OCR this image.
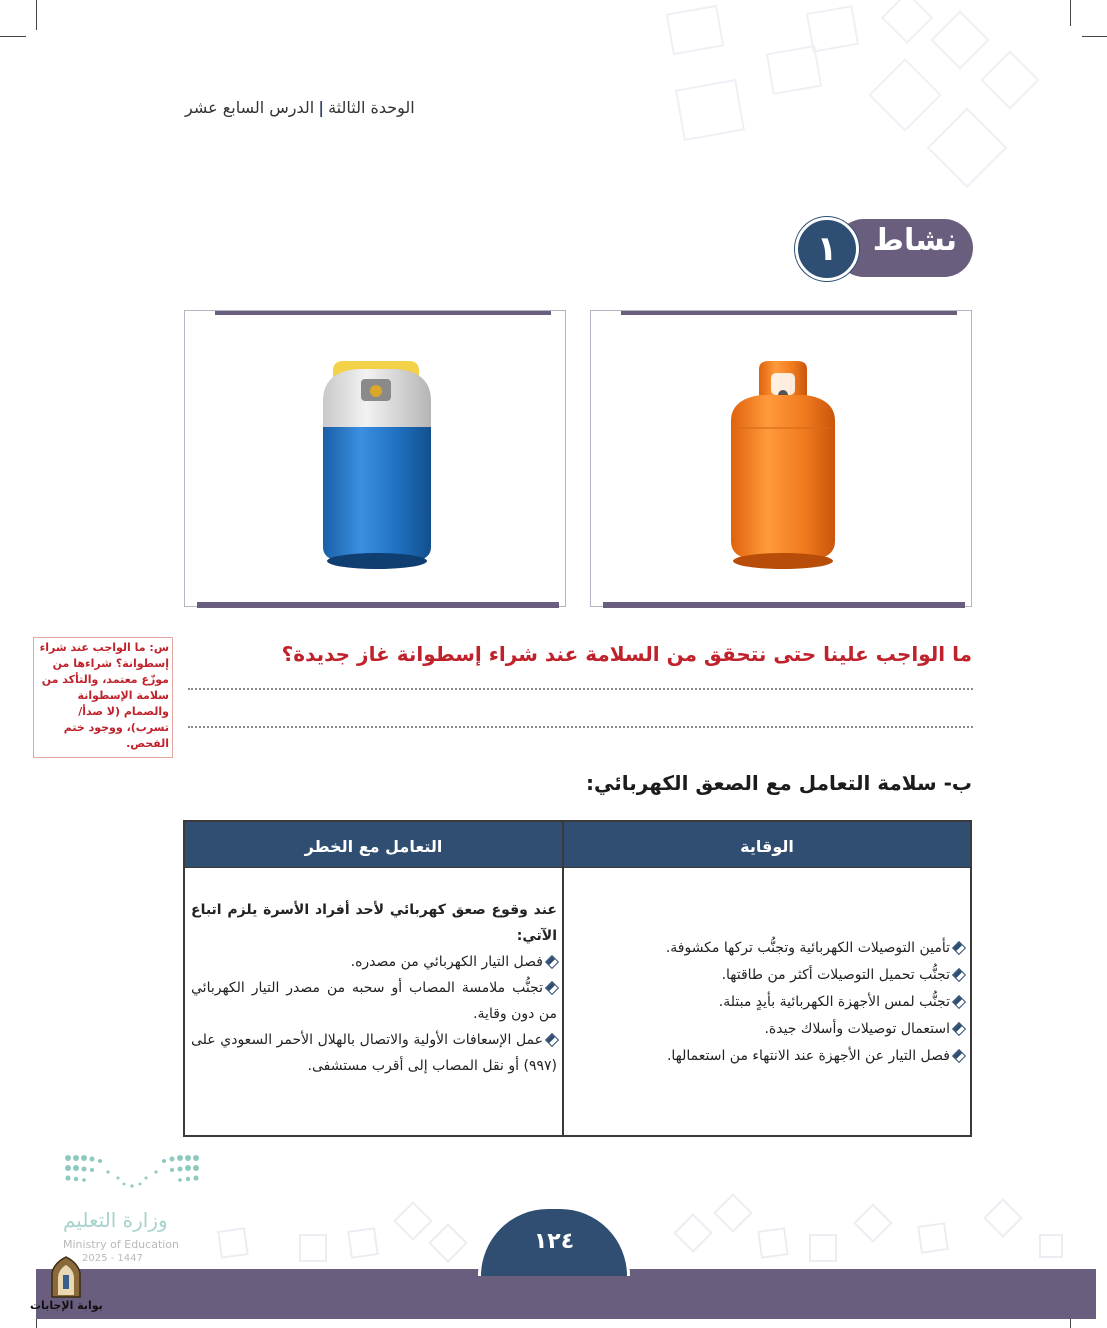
الوحدة الثالثة|الدرس السابع عشر
نشاط
١
ما الواجب علينا حتى نتحقق من السلامة عند شراء إسطوانة غاز جديدة؟
س: ما الواجب عند شراء إسطوانة؟ شراءها من موزّع معتمد، والتأكد من سلامة الإسطوانة والصمام (لا صدأ/تسرب)، ووجود ختم الفحص.
ب- سلامة التعامل مع الصعق الكهربائي:
الوقاية
التعامل مع الخطر
تأمين التوصيلات الكهربائية وتجنُّب تركها مكشوفة.
تجنُّب تحميل التوصيلات أكثر من طاقتها.
تجنُّب لمس الأجهزة الكهربائية بأيدٍ مبتلة.
استعمال توصيلات وأسلاك جيدة.
فصل التيار عن الأجهزة عند الانتهاء من استعمالها.
عند وقوع صعق كهربائي لأحد أفراد الأسرة يلزم اتباع الآتي:
فصل التيار الكهربائي من مصدره.
تجنُّب ملامسة المصاب أو سحبه من مصدر التيار الكهربائي من دون وقاية.
عمل الإسعافات الأولية والاتصال بالهلال الأحمر السعودي على (٩٩٧) أو نقل المصاب إلى أقرب مستشفى.
وزارة التعليم
Ministry of Education
2025 - 1447
١٢٤
بوابة الإجابات
